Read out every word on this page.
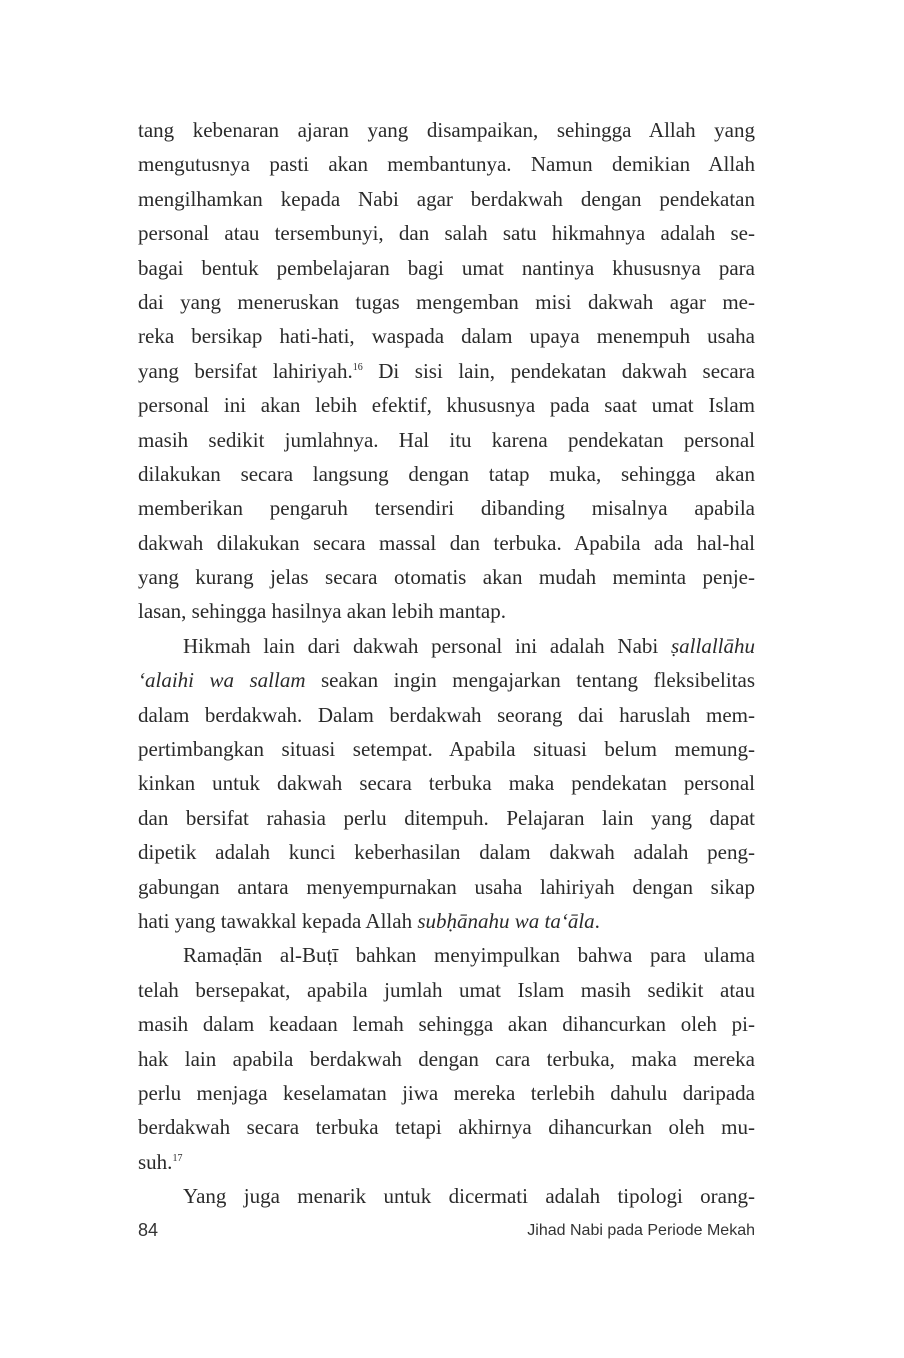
tang kebenaran ajaran yang disampaikan, sehingga Allah yang
mengutusnya pasti akan membantunya. Namun demikian Allah
mengilhamkan kepada Nabi agar berdakwah dengan pendekatan
personal atau tersembunyi, dan salah satu hikmahnya adalah se-
bagai bentuk pembelajaran bagi umat nantinya khususnya para
dai yang meneruskan tugas mengemban misi dakwah agar me-
reka bersikap hati-hati, waspada dalam upaya menempuh usaha
yang bersifat lahiriyah.$^{16}$ Di sisi lain, pendekatan dakwah secara
personal ini akan lebih efektif, khususnya pada saat umat Islam
masih sedikit jumlahnya. Hal itu karena pendekatan personal
dilakukan secara langsung dengan tatap muka, sehingga akan
memberikan pengaruh tersendiri dibanding misalnya apabila
dakwah dilakukan secara massal dan terbuka. Apabila ada hal-hal
yang kurang jelas secara otomatis akan mudah meminta penje-
lasan, sehingga hasilnya akan lebih mantap.
Hikmah lain dari dakwah personal ini adalah Nabi ṣallallāhu
‘alaihi wa sallam seakan ingin mengajarkan tentang fleksibelitas
dalam berdakwah. Dalam berdakwah seorang dai haruslah mem-
pertimbangkan situasi setempat. Apabila situasi belum memung-
kinkan untuk dakwah secara terbuka maka pendekatan personal
dan bersifat rahasia perlu ditempuh. Pelajaran lain yang dapat
dipetik adalah kunci keberhasilan dalam dakwah adalah peng-
gabungan antara menyempurnakan usaha lahiriyah dengan sikap
hati yang tawakkal kepada Allah subḥānahu wa ta‘āla.
Ramaḍān al-Buṭī bahkan menyimpulkan bahwa para ulama
telah bersepakat, apabila jumlah umat Islam masih sedikit atau
masih dalam keadaan lemah sehingga akan dihancurkan oleh pi-
hak lain apabila berdakwah dengan cara terbuka, maka mereka
perlu menjaga keselamatan jiwa mereka terlebih dahulu daripada
berdakwah secara terbuka tetapi akhirnya dihancurkan oleh mu-
suh.$^{17}$
Yang juga menarik untuk dicermati adalah tipologi orang-
84	Jihad Nabi pada Periode Mekah
